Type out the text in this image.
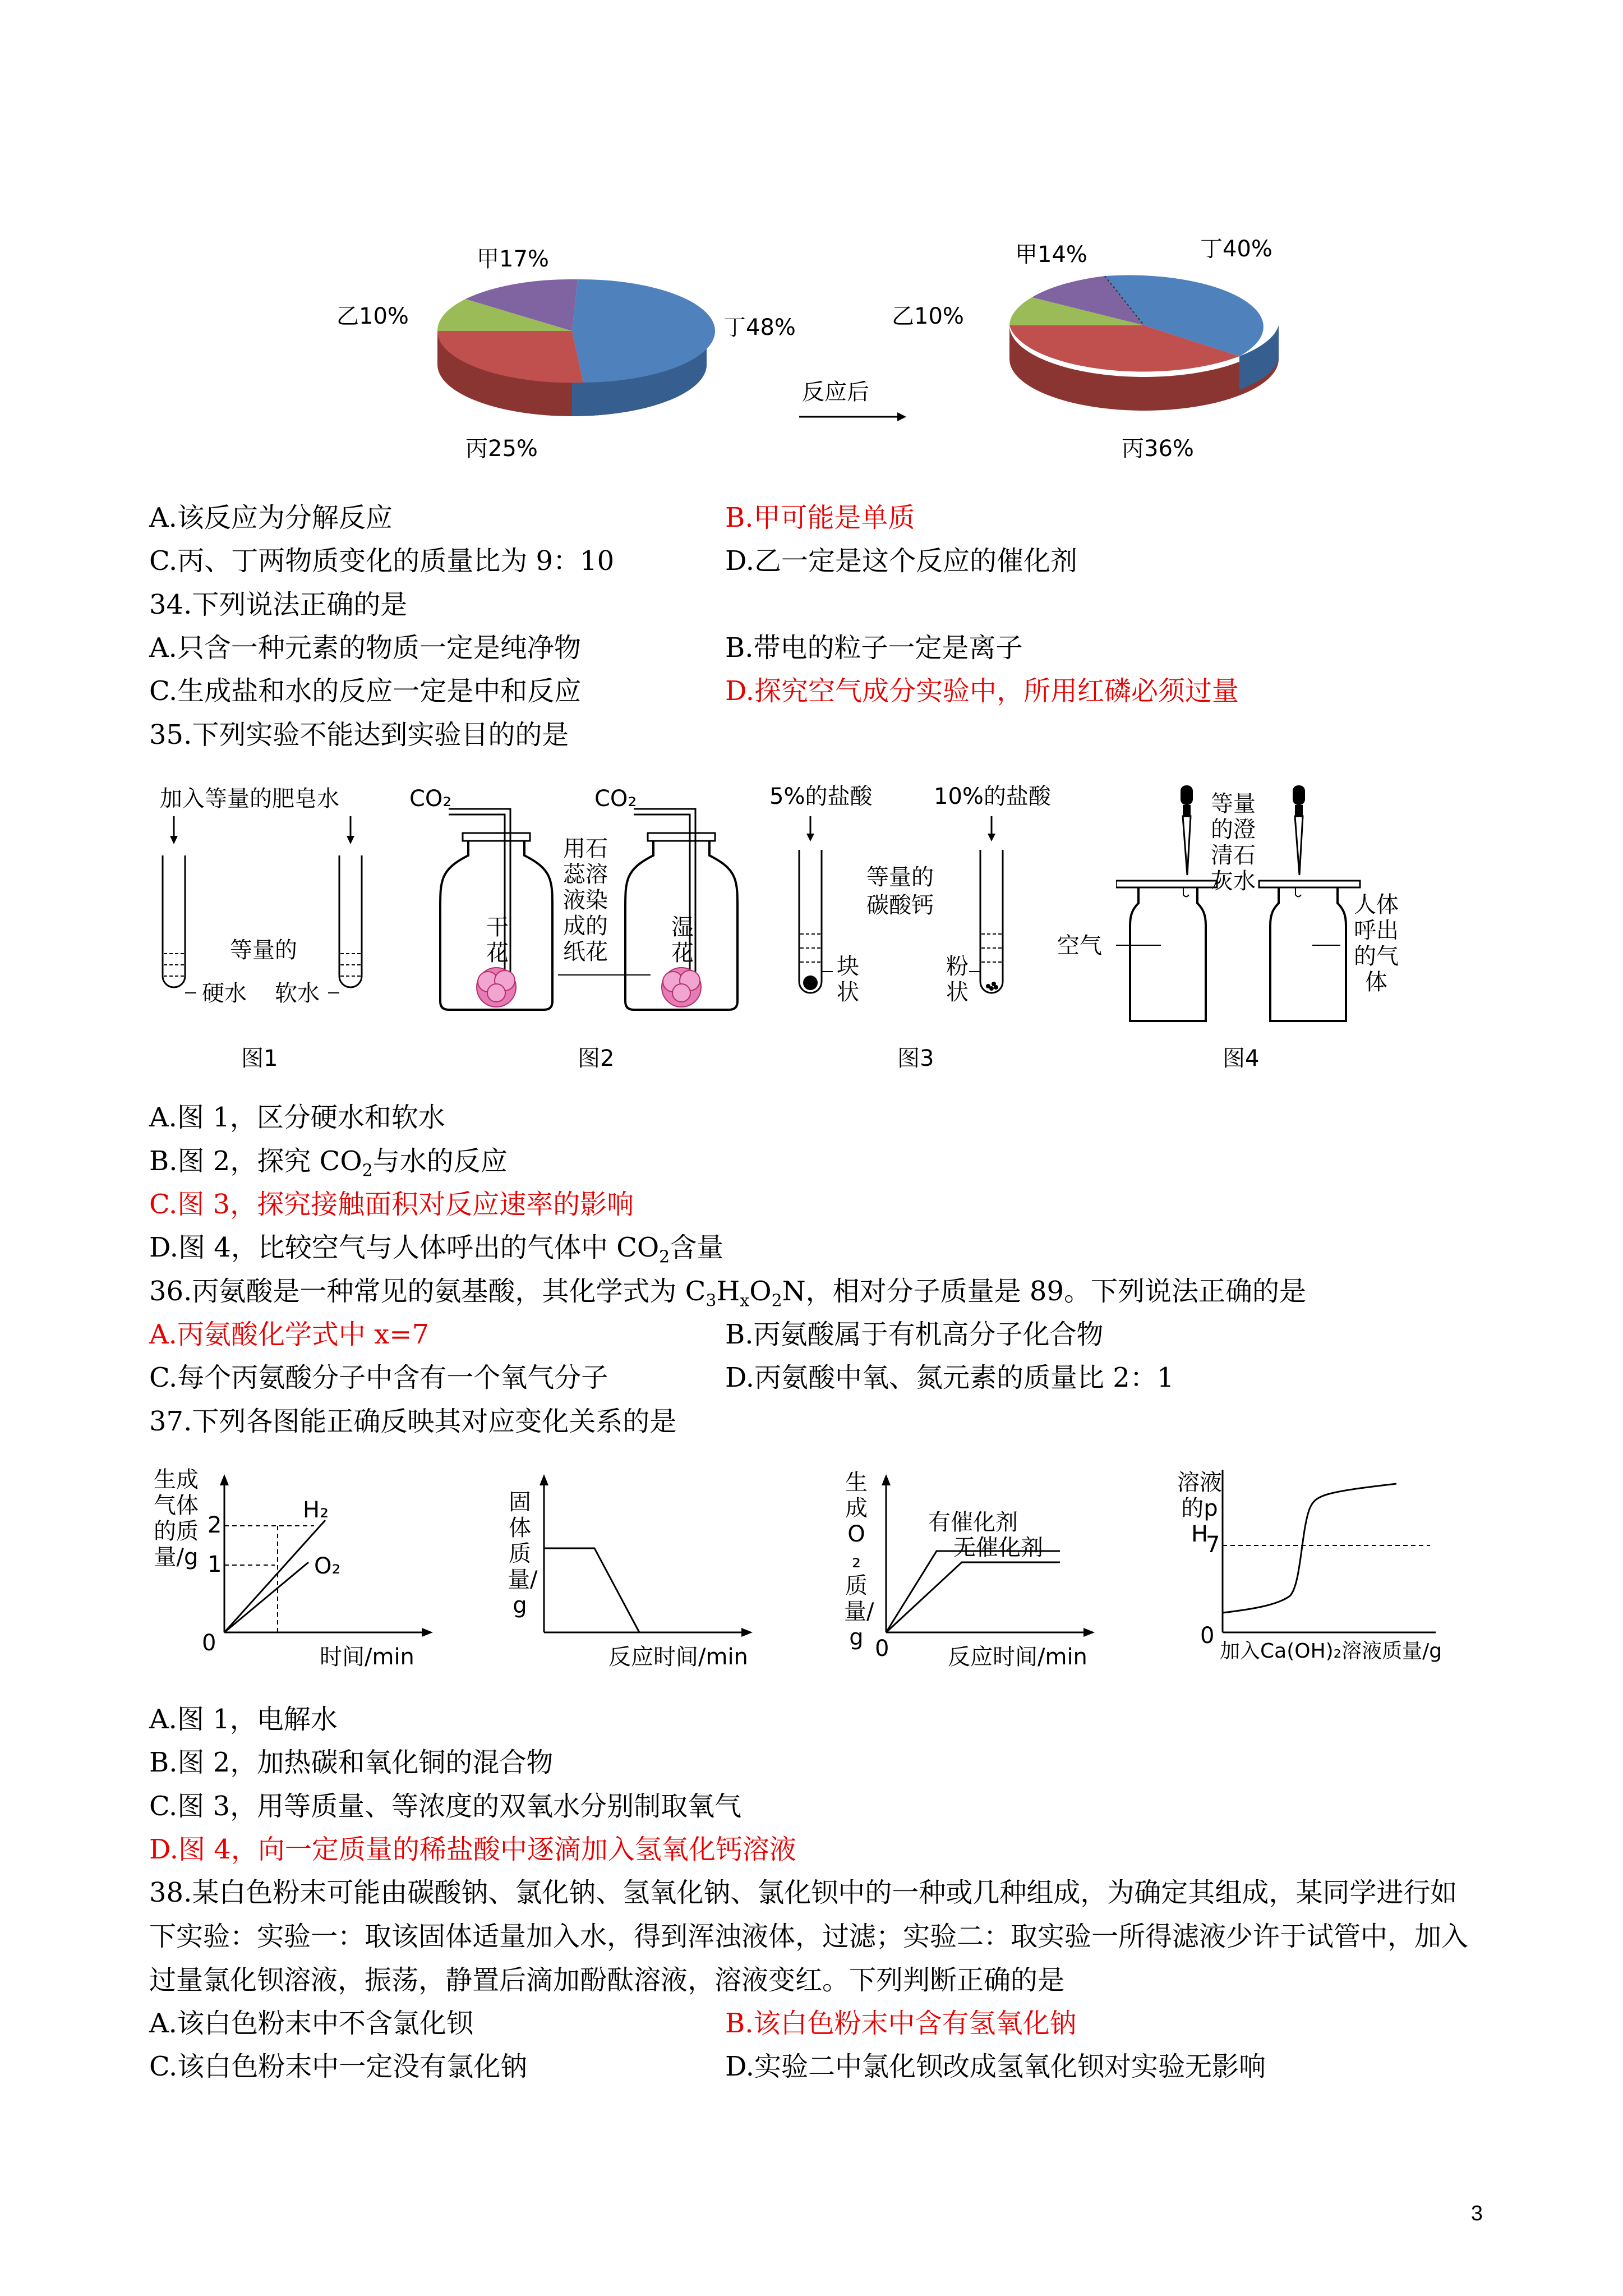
甲17%
乙10%	丁48%
丙25%
反应后
甲14%
乙10%
丁40%
丙36%
A.该反应为分解反应	B.甲可能是单质
C.丙、丁两物质变化的质量比为 9：10	D.乙一定是这个反应的催化剂
34.下列说法正确的是
A.只含一种元素的物质一定是纯净物	B.带电的粒子一定是离子
C.生成盐和水的反应一定是中和反应	D.探究空气成分实验中，所用红磷必须过量
35.下列实验不能达到实验目的的是
加入等量的肥皂水
等量的
硬水 软水
图1
CO₂	CO₂
干花
湿花
用石蕊溶液染成的纸花
图2
5%的盐酸	10%的盐酸
等量的
碳酸钙
块状
粉状
图3
等量的澄清石灰水
空气
人体呼出的气体
图4
A.图 1，区分硬水和软水
B.图 2，探究 $CO_2$与水的反应
C.图 3，探究接触面积对反应速率的影响
D.图 4，比较空气与人体呼出的气体中 $CO_2$含量
36.丙氨酸是一种常见的氨基酸，其化学式为 $C_3H_xO_2N$，相对分子质量是 89。下列说法正确的是
A.丙氨酸化学式中 x=7	B.丙氨酸属于有机高分子化合物
C.每个丙氨酸分子中含有一个氧气分子	D.丙氨酸中氧、氮元素的质量比 2：1
37.下列各图能正确反映其对应变化关系的是
生成气体的质量/g
2
1
0
H₂
O₂
时间/min
固体质量/g
反应时间/min
生成O₂质量/g 0
有催化剂
无催化剂
反应时间/min
溶液的pH
7
0
加入Ca(OH)₂溶液质量/g
A.图 1，电解水
B.图 2，加热碳和氧化铜的混合物
C.图 3，用等质量、等浓度的双氧水分别制取氧气
D.图 4，向一定质量的稀盐酸中逐滴加入氢氧化钙溶液
38.某白色粉末可能由碳酸钠、氯化钠、氢氧化钠、氯化钡中的一种或几种组成，为确定其组成，某同学进行如下实验：实验一：取该固体适量加入水，得到浑浊液体，过滤；实验二：取实验一所得滤液少许于试管中，加入过量氯化钡溶液，振荡，静置后滴加酚酞溶液，溶液变红。下列判断正确的是
A.该白色粉末中不含氯化钡	B.该白色粉末中含有氢氧化钠
C.该白色粉末中一定没有氯化钠	D.实验二中氯化钡改成氢氧化钡对实验无影响
3
